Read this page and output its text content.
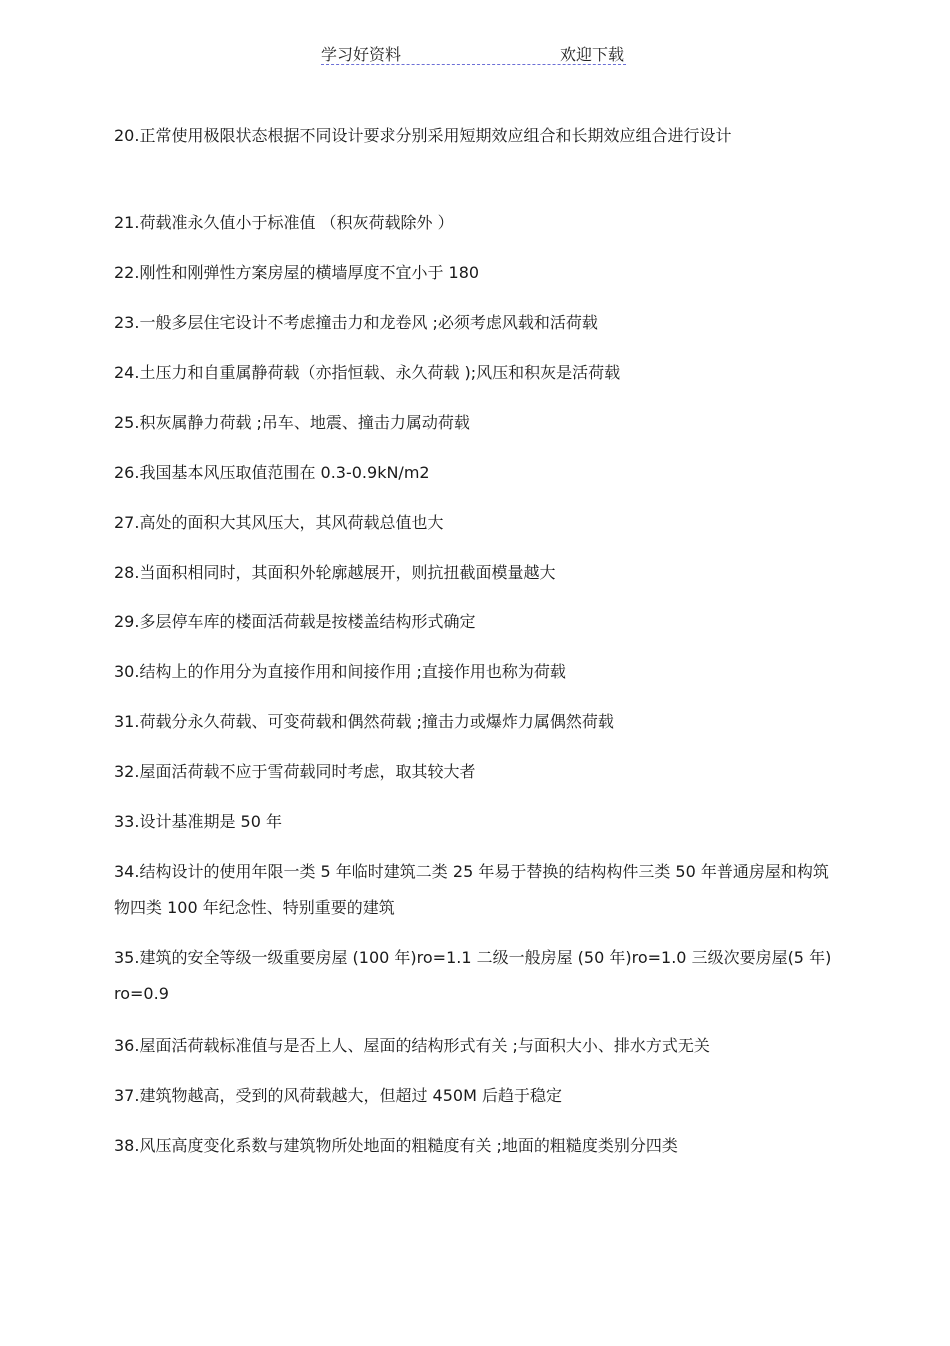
学习好资料	欢迎下载
20.正常使用极限状态根据不同设计要求分别采用短期效应组合和长期效应组合进行设计
21.荷载准永久值小于标准值 （积灰荷载除外 ）
22.刚性和刚弹性方案房屋的横墙厚度不宜小于 180
23.一般多层住宅设计不考虑撞击力和龙卷风 ;必须考虑风载和活荷载
24.土压力和自重属静荷载（亦指恒载、永久荷载 );风压和积灰是活荷载
25.积灰属静力荷载 ;吊车、地震、撞击力属动荷载
26.我国基本风压取值范围在 0.3-0.9kN/m2
27.高处的面积大其风压大，其风荷载总值也大
28.当面积相同时，其面积外轮廓越展开，则抗扭截面模量越大
29.多层停车库的楼面活荷载是按楼盖结构形式确定
30.结构上的作用分为直接作用和间接作用 ;直接作用也称为荷载
31.荷载分永久荷载、可变荷载和偶然荷载 ;撞击力或爆炸力属偶然荷载
32.屋面活荷载不应于雪荷载同时考虑，取其较大者
33.设计基准期是 50 年
34.结构设计的使用年限一类 5 年临时建筑二类 25 年易于替换的结构构件三类 50 年普通房屋和构筑物四类 100 年纪念性、特别重要的建筑
35.建筑的安全等级一级重要房屋 (100 年)ro=1.1 二级一般房屋 (50 年)ro=1.0 三级次要房屋(5 年)ro=0.9
36.屋面活荷载标准值与是否上人、屋面的结构形式有关 ;与面积大小、排水方式无关
37.建筑物越高，受到的风荷载越大，但超过 450M 后趋于稳定
38.风压高度变化系数与建筑物所处地面的粗糙度有关 ;地面的粗糙度类别分四类
